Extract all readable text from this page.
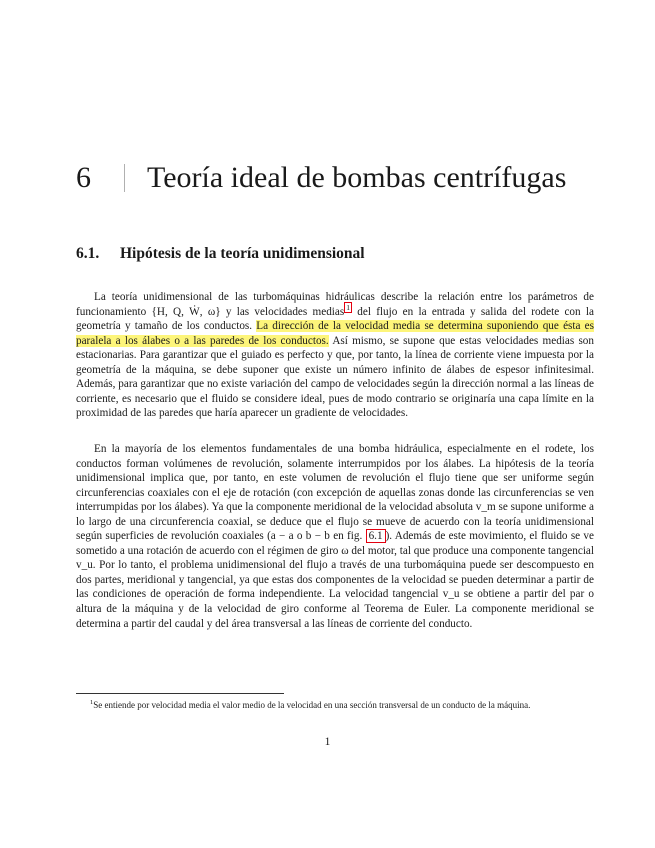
6 Teoría ideal de bombas centrífugas
6.1.	Hipótesis de la teoría unidimensional

La teoría unidimensional de las turbomáquinas hidráulicas describe la relación entre los parámetros de funcionamiento {H, Q, Ẇ, ω} y las velocidades medias $^1$ del flujo en la entrada y salida del rodete con la geometría y tamaño de los conductos. La dirección de la velocidad media se determina suponiendo que ésta es paralela a los álabes o a las paredes de los conductos. Así mismo, se supone que estas velocidades medias son estacionarias. Para garantizar que el guiado es perfecto y que, por tanto, la línea de corriente viene impuesta por la geometría de la máquina, se debe suponer que existe un número infinito de álabes de espesor infinitesimal. Además, para garantizar que no existe variación del campo de velocidades según la dirección normal a las líneas de corriente, es necesario que el fluido se considere ideal, pues de modo contrario se originaría una capa límite en la proximidad de las paredes que haría aparecer un gradiente de velocidades.

En la mayoría de los elementos fundamentales de una bomba hidráulica, especialmente en el rodete, los conductos forman volúmenes de revolución, solamente interrumpidos por los álabes. La hipótesis de la teoría unidimensional implica que, por tanto, en este volumen de revolución el flujo tiene que ser uniforme según circunferencias coaxiales con el eje de rotación (con excepción de aquellas zonas donde las circunferencias se ven interrumpidas por los álabes). Ya que la componente meridional de la velocidad absoluta v_m se supone uniforme a lo largo de una circunferencia coaxial, se deduce que el flujo se mueve de acuerdo con la teoría unidimensional según superficies de revolución coaxiales (a − a o b − b en fig. 6.1 ). Además de este movimiento, el fluido se ve sometido a una rotación de acuerdo con el régimen de giro ω del motor, tal que produce una componente tangencial v_u. Por lo tanto, el problema unidimensional del flujo a través de una turbomáquina puede ser descompuesto en dos partes, meridional y tangencial, ya que estas dos componentes de la velocidad se pueden determinar a partir de las condiciones de operación de forma independiente. La velocidad tangencial v_u se obtiene a partir del par o altura de la máquina y de la velocidad de giro conforme al Teorema de Euler. La componente meridional se determina a partir del caudal y del área transversal a las líneas de corriente del conducto.

$^1$Se entiende por velocidad media el valor medio de la velocidad en una sección transversal de un conducto de la máquina.

1
